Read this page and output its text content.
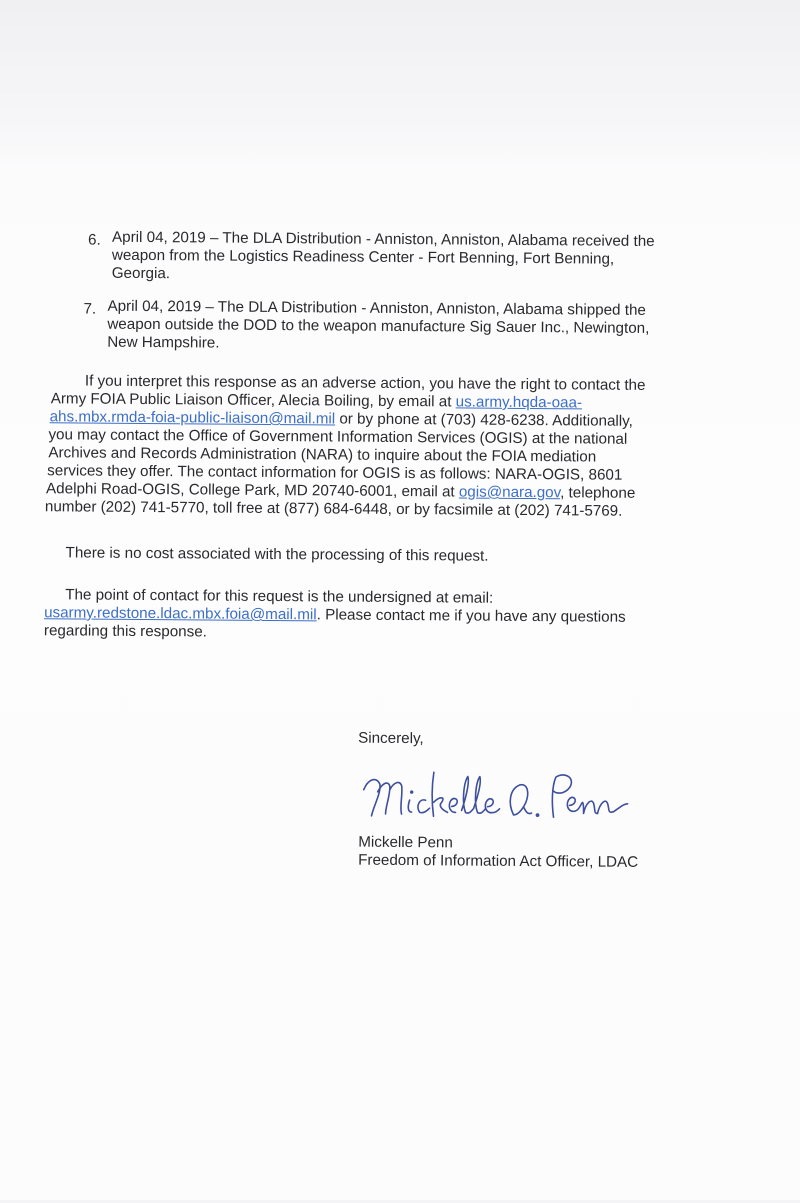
6. April 04, 2019 – The DLA Distribution - Anniston, Anniston, Alabama received the
weapon from the Logistics Readiness Center - Fort Benning, Fort Benning,
Georgia.
7. April 04, 2019 – The DLA Distribution - Anniston, Anniston, Alabama shipped the
weapon outside the DOD to the weapon manufacture Sig Sauer Inc., Newington,
New Hampshire.
If you interpret this response as an adverse action, you have the right to contact the
Army FOIA Public Liaison Officer, Alecia Boiling, by email at us.army.hqda-oaa-
ahs.mbx.rmda-foia-public-liaison@mail.mil or by phone at (703) 428-6238. Additionally,
you may contact the Office of Government Information Services (OGIS) at the national
Archives and Records Administration (NARA) to inquire about the FOIA mediation
services they offer. The contact information for OGIS is as follows: NARA-OGIS, 8601
Adelphi Road-OGIS, College Park, MD 20740-6001, email at ogis@nara.gov, telephone
number (202) 741-5770, toll free at (877) 684-6448, or by facsimile at (202) 741-5769.
There is no cost associated with the processing of this request.
The point of contact for this request is the undersigned at email:
usarmy.redstone.ldac.mbx.foia@mail.mil. Please contact me if you have any questions
regarding this response.
Sincerely,
Mickelle Penn
Freedom of Information Act Officer, LDAC
